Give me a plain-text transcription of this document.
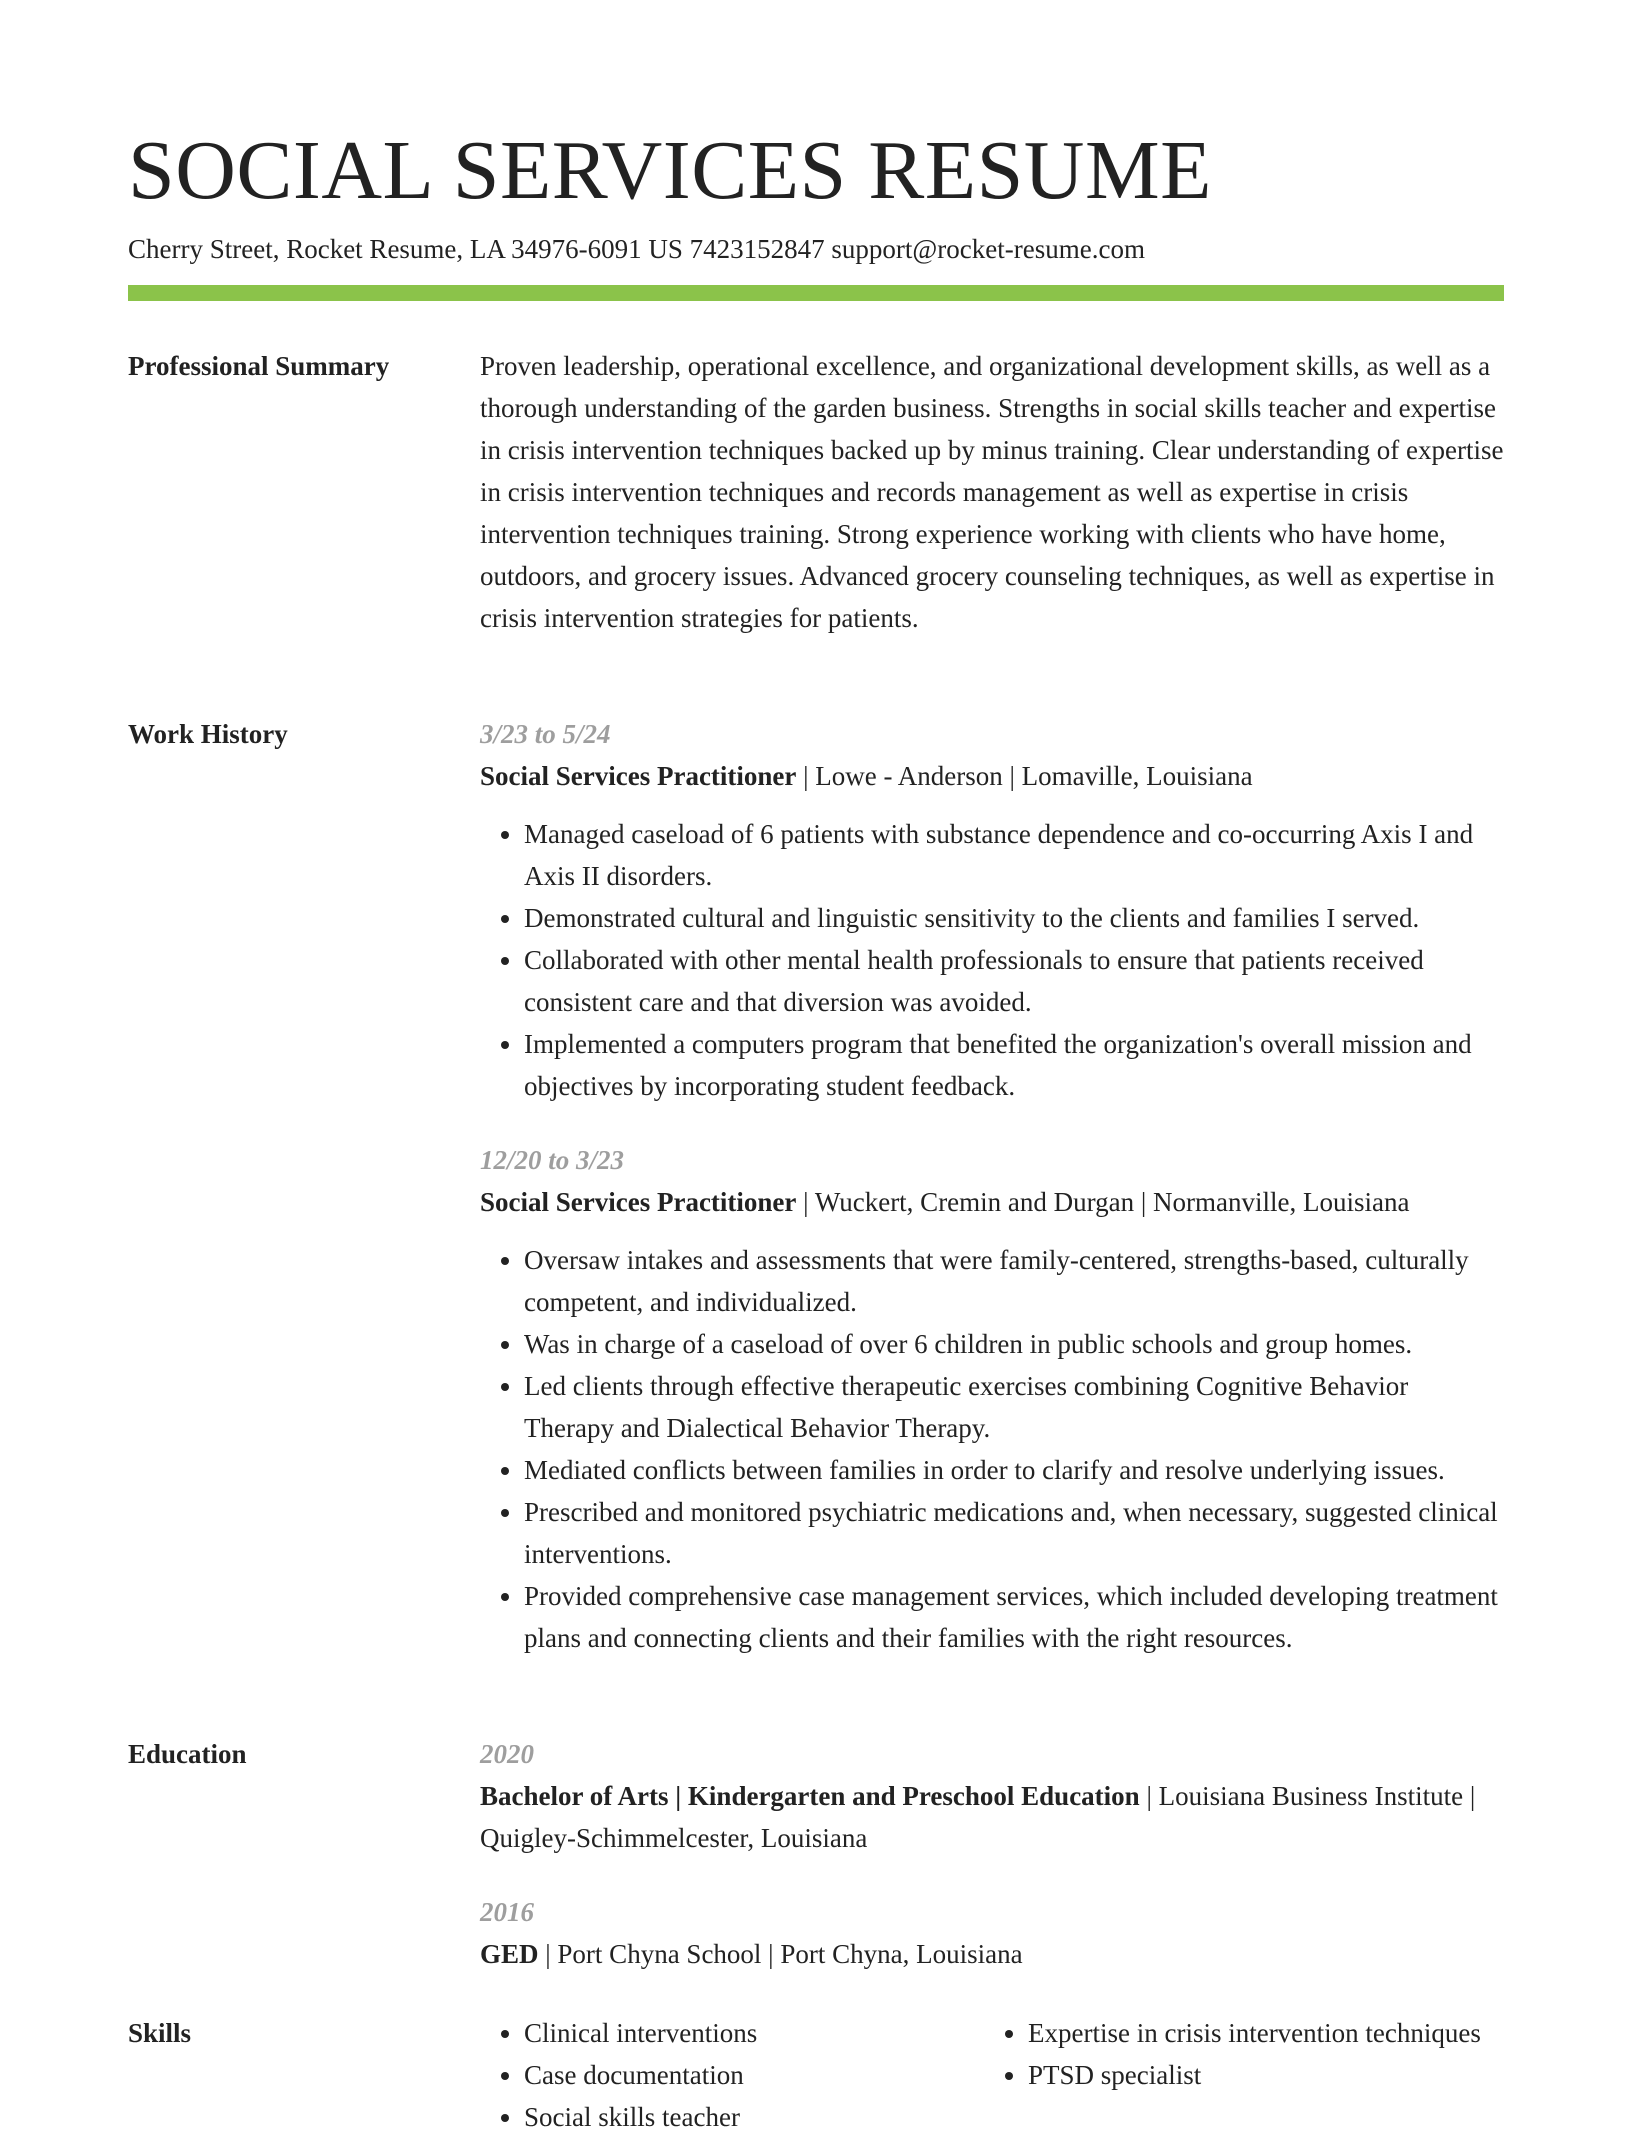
SOCIAL SERVICES RESUME
Cherry Street, Rocket Resume, LA 34976-6091 US 7423152847 support@rocket-resume.com
Professional Summary	Proven leadership, operational excellence, and organizational development skills, as well as a thorough understanding of the garden business. Strengths in social skills teacher and expertise in crisis intervention techniques backed up by minus training. Clear understanding of expertise in crisis intervention techniques and records management as well as expertise in crisis intervention techniques training. Strong experience working with clients who have home, outdoors, and grocery issues. Advanced grocery counseling techniques, as well as expertise in crisis intervention strategies for patients.

Work History	3/23 to 5/24
Social Services Practitioner | Lowe - Anderson | Lomaville, Louisiana
• Managed caseload of 6 patients with substance dependence and co-occurring Axis I and Axis II disorders.
• Demonstrated cultural and linguistic sensitivity to the clients and families I served.
• Collaborated with other mental health professionals to ensure that patients received consistent care and that diversion was avoided.
• Implemented a computers program that benefited the organization's overall mission and objectives by incorporating student feedback.
12/20 to 3/23
Social Services Practitioner | Wuckert, Cremin and Durgan | Normanville, Louisiana
• Oversaw intakes and assessments that were family-centered, strengths-based, culturally competent, and individualized.
• Was in charge of a caseload of over 6 children in public schools and group homes.
• Led clients through effective therapeutic exercises combining Cognitive Behavior Therapy and Dialectical Behavior Therapy.
• Mediated conflicts between families in order to clarify and resolve underlying issues.
• Prescribed and monitored psychiatric medications and, when necessary, suggested clinical interventions.
• Provided comprehensive case management services, which included developing treatment plans and connecting clients and their families with the right resources.
Education	2020
Bachelor of Arts | Kindergarten and Preschool Education | Louisiana Business Institute | Quigley-Schimmelcester, Louisiana
2016
GED | Port Chyna School | Port Chyna, Louisiana
Skills
•	Clinical interventions
• Case documentation
• Social skills teacher
• Expertise in crisis intervention techniques
• PTSD specialist
